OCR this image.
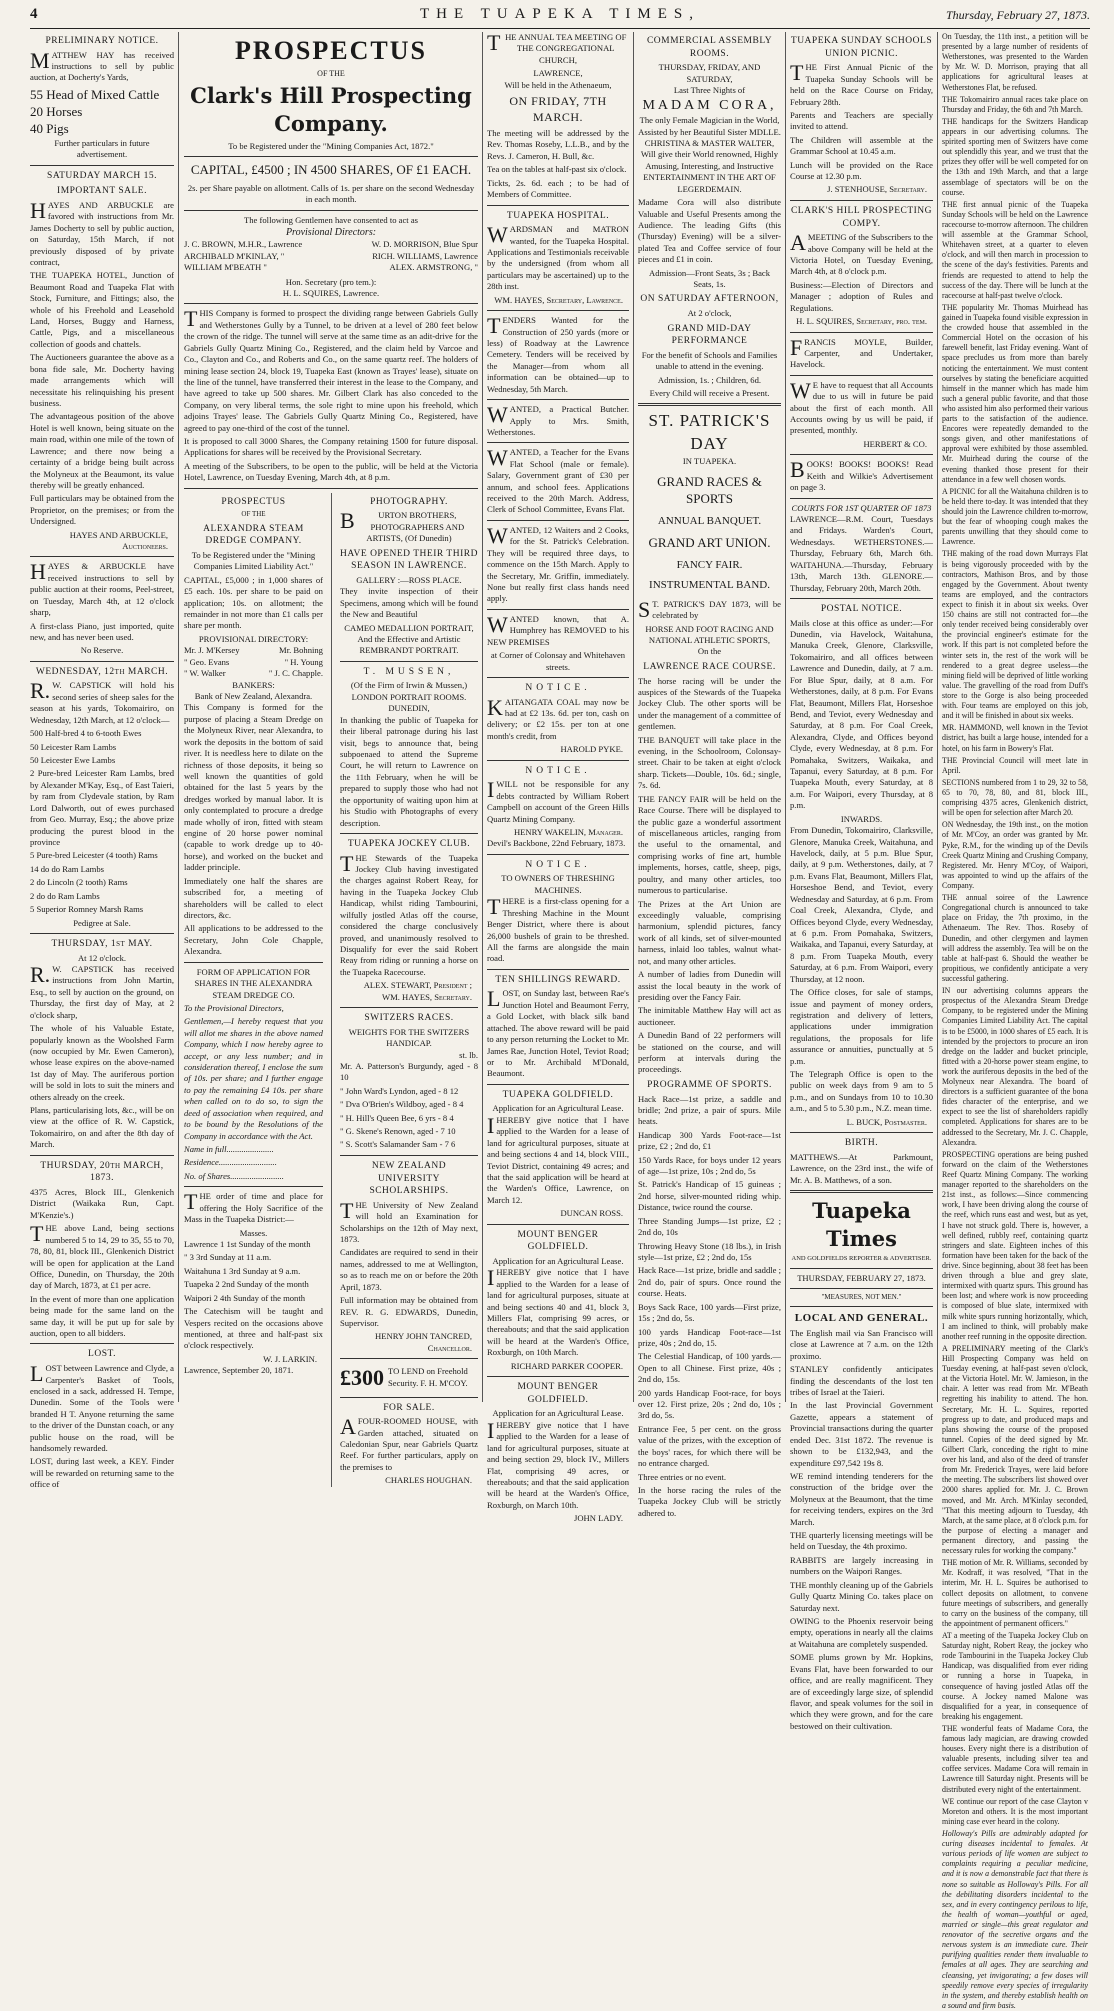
4	THE TUAPEKA TIMES,	Thursday, February 27, 1873.
PRELIMINARY NOTICE.

MATTHEW HAY has received instructions to sell by public auction, at Docherty's Yards,

55 Head of Mixed Cattle
20 Horses
40 Pigs

Further particulars in future advertisement.

SATURDAY MARCH 15.
IMPORTANT SALE.

HAYES AND ARBUCKLE are favored with instructions from Mr. James Docherty to sell by public auction, on Saturday, 15th March, if not previously disposed of by private contract,

THE TUAPEKA HOTEL, Junction of Beaumont Road and Tuapeka Flat with Stock, Furniture, and Fittings; also, the whole of his Freehold and Leasehold Land, Horses, Buggy and Harness, Cattle, Pigs, and a miscellaneous collection of goods and chattels.

The Auctioneers guarantee the above as a bona fide sale, Mr. Docherty having made arrangements which will necessitate his relinquishing his present business.

The advantageous position of the above Hotel is well known, being situate on the main road, within one mile of the town of Lawrence; and there now being a certainty of a bridge being built across the Molyneux at the Beaumont, its value thereby will be greatly enhanced.

Full particulars may be obtained from the Proprietor, on the premises; or from the Undersigned.

HAYES AND ARBUCKLE, Auctioneers.

HAYES & ARBUCKLE have received instructions to sell by public auction at their rooms, Peel-street, on Tuesday, March 4th, at 12 o'clock sharp,

A first-class Piano, just imported, quite new, and has never been used.

No Reserve.

WEDNESDAY, 12th MARCH.

R.W. CAPSTICK will hold his second series of sheep sales for the season at his yards, Tokomairiro, on Wednesday, 12th March, at 12 o'clock—

500 Half-bred 4 to 6-tooth Ewes

50 Leicester Ram Lambs

50 Leicester Ewe Lambs

2 Pure-bred Leicester Ram Lambs, bred by Alexander M'Kay, Esq., of East Taieri, by ram from Clydevale station, by Ram Lord Dalworth, out of ewes purchased from Geo. Murray, Esq.; the above prize producing the purest blood in the province

5 Pure-bred Leicester (4 tooth) Rams

14 do do Ram Lambs

2 do Lincoln (2 tooth) Rams

2 do do Ram Lambs

5 Superior Romney Marsh Rams

Pedigree at Sale.

THURSDAY, 1st MAY.
At 12 o'clock.

R.W. CAPSTICK has received instructions from John Martin, Esq., to sell by auction on the ground, on Thursday, the first day of May, at 2 o'clock sharp,

The whole of his Valuable Estate, popularly known as the Woolshed Farm (now occupied by Mr. Ewen Cameron), whose lease expires on the above-named 1st day of May. The auriferous portion will be sold in lots to suit the miners and others already on the creek.

Plans, particularising lots, &c., will be on view at the office of R. W. Capstick, Tokomairiro, on and after the 8th day of March.

THURSDAY, 20th MARCH, 1873.

4375 Acres, Block III., Glenkenich District (Waikaka Run, Capt. M'Kenzie's.)

THE above Land, being sections numbered 5 to 14, 29 to 35, 55 to 70, 78, 80, 81, block III., Glenkenich District will be open for application at the Land Office, Dunedin, on Thursday, the 20th day of March, 1873, at £1 per acre.

In the event of more than one application being made for the same land on the same day, it will be put up for sale by auction, open to all bidders.

LOST.

LOST between Lawrence and Clyde, a Carpenter's Basket of Tools, enclosed in a sack, addressed H. Tempe, Dunedin. Some of the Tools were branded H T. Anyone returning the same to the driver of the Dunstan coach, or any public house on the road, will be handsomely rewarded.

LOST, during last week, a KEY. Finder will be rewarded on returning same to the office of

PROSPECTUS
OF THE
Clark's Hill Prospecting Company.
To be Registered under the "Mining Companies Act, 1872."
CAPITAL, £4500 ; IN 4500 SHARES, OF £1 EACH.
2s. per Share payable on allotment. Calls of 1s. per share on the second Wednesday in each month.
The following Gentlemen have consented to act as
Provisional Directors:
J. C. BROWN, M.H.R., Lawrence	W. D. MORRISON, Blue Spur
ARCHIBALD M'KINLAY, "	RICH. WILLIAMS, Lawrence
WILLIAM M'BEATH "	ALEX. ARMSTRONG, "
Hon. Secretary (pro tem.):
H. L. SQUIRES, Lawrence.

THIS Company is formed to prospect the dividing range between Gabriels Gully and Wetherstones Gully by a Tunnel, to be driven at a level of 280 feet below the crown of the ridge. The tunnel will serve at the same time as an adit-drive for the Gabriels Gully Quartz Mining Co., Registered, and the claim held by Varcoe and Co., Clayton and Co., and Roberts and Co., on the same quartz reef. The holders of mining lease section 24, block 19, Tuapeka East (known as Trayes' lease), situate on the line of the tunnel, have transferred their interest in the lease to the Company, and have agreed to take up 500 shares. Mr. Gilbert Clark has also conceded to the Company, on very liberal terms, the sole right to mine upon his freehold, which adjoins Trayes' lease. The Gabriels Gully Quartz Mining Co., Registered, have agreed to pay one-third of the cost of the tunnel.

It is proposed to call 3000 Shares, the Company retaining 1500 for future disposal. Applications for shares will be received by the Provisional Secretary.

A meeting of the Subscribers, to be open to the public, will be held at the Victoria Hotel, Lawrence, on Tuesday Evening, March 4th, at 8 p.m.

PROSPECTUS
OF THE
ALEXANDRA STEAM DREDGE COMPANY.

To be Registered under the "Mining Companies Limited Liability Act."

CAPITAL, £5,000 ; in 1,000 shares of £5 each. 10s. per share to be paid on application; 10s. on allotment; the remainder in not more than £1 calls per share per month.

PROVISIONAL DIRECTORY:
Mr. J. M'Kersey	Mr. Bohning
" Geo. Evans	" H. Young
" W. Walker	" J. C. Chapple.
BANKERS:
Bank of New Zealand, Alexandra.

This Company is formed for the purpose of placing a Steam Dredge on the Molyneux River, near Alexandra, to work the deposits in the bottom of said river. It is needless here to dilate on the richness of those deposits, it being so well known the quantities of gold obtained for the last 5 years by the dredges worked by manual labor. It is only contemplated to procure a dredge made wholly of iron, fitted with steam engine of 20 horse power nominal (capable to work dredge up to 40-horse), and worked on the bucket and ladder principle.

Immediately one half the shares are subscribed for, a meeting of shareholders will be called to elect directors, &c.

All applications to be addressed to the Secretary, John Cole Chapple, Alexandra.

FORM OF APPLICATION FOR SHARES IN THE ALEXANDRA STEAM DREDGE CO.

To the Provisional Directors,

Gentlemen,—I hereby request that you will allot me shares in the above named Company, which I now hereby agree to accept, or any less number; and in consideration thereof, I enclose the sum of 10s. per share; and I further engage to pay the remaining £4 10s. per share when called on to do so, to sign the deed of association when required, and to be bound by the Resolutions of the Company in accordance with the Act.

Name in full......................

Residence...........................

No. of Shares.........................

THE order of time and place for offering the Holy Sacrifice of the Mass in the Tuapeka District:—

Masses.

Lawrence 1 1st Sunday of the month

" 3 3rd Sunday at 11 a.m.

Waitahuna 1 3rd Sunday at 9 a.m.

Tuapeka 2 2nd Sunday of the month

Waipori 2 4th Sunday of the month

The Catechism will be taught and Vespers recited on the occasions above mentioned, at three and half-past six o'clock respectively.

W. J. LARKIN.

Lawrence, September 20, 1871.

PHOTOGRAPHY.

BURTON BROTHERS, PHOTOGRAPHERS AND ARTISTS, (Of Dunedin)

HAVE OPENED THEIR THIRD SEASON IN LAWRENCE.
GALLERY :—ROSS PLACE.

They invite inspection of their Specimens, among which will be found the New and Beautiful

CAMEO MEDALLION PORTRAIT,
And the Effective and Artistic
REMBRANDT PORTRAIT.
T. MUSSEN,
(Of the Firm of Irwin & Mussen,)
LONDON PORTRAIT ROOMS. DUNEDIN,

In thanking the public of Tuapeka for their liberal patronage during his last visit, begs to announce that, being subpoenaed to attend the Supreme Court, he will return to Lawrence on the 11th February, when he will be prepared to supply those who had not the opportunity of waiting upon him at his Studio with Photographs of every description.

TUAPEKA JOCKEY CLUB.

THE Stewards of the Tuapeka Jockey Club having investigated the charges against Robert Reay, for having in the Tuapeka Jockey Club Handicap, whilst riding Tambourini, wilfully jostled Atlas off the course, considered the charge conclusively proved, and unanimously resolved to Disqualify for ever the said Robert Reay from riding or running a horse on the Tuapeka Racecourse.

ALEX. STEWART, President ;
WM. HAYES, Secretary.
SWITZERS RACES.
WEIGHTS FOR THE SWITZERS HANDICAP.
st. lb.

Mr. A. Patterson's Burgundy, aged - 8 10

" John Ward's Lyndon, aged - 8 12

" Dva O'Brien's Wildboy, aged - 8 4

" H. Hill's Queen Bee, 6 yrs - 8 4

" G. Skene's Renown, aged - 7 10

" S. Scott's Salamander Sam - 7 6

NEW ZEALAND UNIVERSITY SCHOLARSHIPS.

THE University of New Zealand will hold an Examination for Scholarships on the 12th of May next, 1873.

Candidates are required to send in their names, addressed to me at Wellington, so as to reach me on or before the 20th April, 1873.

Full information may be obtained from REV. R. G. EDWARDS, Dunedin, Supervisor.

HENRY JOHN TANCRED, Chancellor.
£300 TO LEND on Freehold Security. F. H. M'COY.
FOR SALE.

AFOUR-ROOMED HOUSE, with Garden attached, situated on Caledonian Spur, near Gabriels Quartz Reef. For further particulars, apply on the premises to

CHARLES HOUGHAN.

THE ANNUAL TEA MEETING OF THE CONGREGATIONAL CHURCH,

LAWRENCE,
Will be held in the Athenaeum,
ON FRIDAY, 7TH MARCH.

The meeting will be addressed by the Rev. Thomas Roseby, L.L.B., and by the Revs. J. Cameron, H. Bull, &c.

Tea on the tables at half-past six o'clock.

Tickts, 2s. 6d. each ; to be had of Members of Committee.

TUAPEKA HOSPITAL.

WARDSMAN and MATRON wanted, for the Tuapeka Hospital. Applications and Testimonials receivable by the undersigned (from whom all particulars may be ascertained) up to the 28th inst.

WM. HAYES, Secretary, Lawrence.

TENDERS Wanted for the Construction of 250 yards (more or less) of Roadway at the Lawrence Cemetery. Tenders will be received by the Manager—from whom all information can be obtained—up to Wednesday, 5th March.

WANTED, a Practical Butcher. Apply to Mrs. Smith, Wetherstones.

WANTED, a Teacher for the Evans Flat School (male or female). Salary, Government grant of £30 per annum, and school fees. Applications received to the 20th March. Address, Clerk of School Committee, Evans Flat.

WANTED, 12 Waiters and 2 Cooks, for the St. Patrick's Celebration. They will be required three days, to commence on the 15th March. Apply to the Secretary, Mr. Griffin, immediately. None but really first class hands need apply.

WANTED known, that A. Humphrey has REMOVED to his NEW PREMISES

at Corner of Colonsay and Whitehaven streets.

NOTICE.

KAITANGATA COAL may now be had at £2 13s. 6d. per ton, cash on delivery; or £2 15s. per ton at one month's credit, from

HAROLD PYKE.
NOTICE.

IWILL not be responsible for any debts contracted by William Robert Campbell on account of the Green Hills Quartz Mining Company.

HENRY WAKELIN, Manager.

Devil's Backbone, 22nd February, 1873.

NOTICE.
TO OWNERS OF THRESHING MACHINES.

THERE is a first-class opening for a Threshing Machine in the Mount Benger District, where there is about 26,000 bushels of grain to be threshed. All the farms are alongside the main road.

TEN SHILLINGS REWARD.

LOST, on Sunday last, between Rae's Junction Hotel and Beaumont Ferry, a Gold Locket, with black silk band attached. The above reward will be paid to any person returning the Locket to Mr. James Rae, Junction Hotel, Teviot Road; or to Mr. Archibald M'Donald, Beaumont.

TUAPEKA GOLDFIELD.
Application for an Agricultural Lease.

IHEREBY give notice that I have applied to the Warden for a lease of land for agricultural purposes, situate at and being sections 4 and 14, block VIII., Teviot District, containing 49 acres; and that the said application will be heard at the Warden's Office, Lawrence, on March 12.

DUNCAN ROSS.
MOUNT BENGER GOLDFIELD.
Application for an Agricultural Lease.

IHEREBY give notice that I have applied to the Warden for a lease of land for agricultural purposes, situate at and being sections 40 and 41, block 3, Millers Flat, comprising 99 acres, or thereabouts; and that the said application will be heard at the Warden's Office, Roxburgh, on 10th March.

RICHARD PARKER COOPER.
MOUNT BENGER GOLDFIELD.
Application for an Agricultural Lease.

IHEREBY give notice that I have applied to the Warden for a lease of land for agricultural purposes, situate at and being section 29, block IV., Millers Flat, comprising 49 acres, or thereabouts; and that the said application will be heard at the Warden's Office, Roxburgh, on March 10th.

JOHN LADY.
COMMERCIAL ASSEMBLY ROOMS.
THURSDAY, FRIDAY, AND SATURDAY,
Last Three Nights of
MADAM CORA,

The only Female Magician in the World, Assisted by her Beautiful Sister MDLLE. CHRISTINA & MASTER WALTER, Will give their World renowned, Highly Amusing, Interesting, and Instructive ENTERTAINMENT IN THE ART OF LEGERDEMAIN.

Madame Cora will also distribute Valuable and Useful Presents among the Audience. The leading Gifts (this (Thursday) Evening) will be a silver-plated Tea and Coffee service of four pieces and £1 in coin.

Admission—Front Seats, 3s ; Back Seats, 1s.

ON SATURDAY AFTERNOON,
At 2 o'clock,
GRAND MID-DAY PERFORMANCE

For the benefit of Schools and Families unable to attend in the evening.

Admission, 1s. ; Children, 6d.

Every Child will receive a Present.

ST. PATRICK'S DAY
IN TUAPEKA.
GRAND RACES & SPORTS
ANNUAL BANQUET.
GRAND ART UNION.
FANCY FAIR.
INSTRUMENTAL BAND.

ST. PATRICK'S DAY 1873, will be celebrated by

HORSE AND FOOT RACING AND NATIONAL ATHLETIC SPORTS,
On the
LAWRENCE RACE COURSE.

The horse racing will be under the auspices of the Stewards of the Tuapeka Jockey Club. The other sports will be under the management of a committee of gentlemen.

THE BANQUET will take place in the evening, in the Schoolroom, Colonsay-street. Chair to be taken at eight o'clock sharp. Tickets—Double, 10s. 6d.; single, 7s. 6d.

THE FANCY FAIR will be held on the Race Course. There will be displayed to the public gaze a wonderful assortment of miscellaneous articles, ranging from the useful to the ornamental, and comprising works of fine art, humble implements, horses, cattle, sheep, pigs, poultry, and many other articles, too numerous to particularise.

The Prizes at the Art Union are exceedingly valuable, comprising harmonium, splendid pictures, fancy work of all kinds, set of silver-mounted harness, inlaid loo tables, walnut what-not, and many other articles.

A number of ladies from Dunedin will assist the local beauty in the work of presiding over the Fancy Fair.

The inimitable Matthew Hay will act as auctioneer.

A Dunedin Band of 22 performers will be stationed on the course, and will perform at intervals during the proceedings.

PROGRAMME OF SPORTS.

Hack Race—1st prize, a saddle and bridle; 2nd prize, a pair of spurs. Mile heats.

Handicap 300 Yards Foot-race—1st prize, £2 ; 2nd do, £1

150 Yards Race, for boys under 12 years of age—1st prize, 10s ; 2nd do, 5s

St. Patrick's Handicap of 15 guineas ; 2nd horse, silver-mounted riding whip. Distance, twice round the course.

Three Standing Jumps—1st prize, £2 ; 2nd do, 10s

Throwing Heavy Stone (18 lbs.), in Irish style—1st prize, £2 ; 2nd do, 15s

Hack Race—1st prize, bridle and saddle ; 2nd do, pair of spurs. Once round the course. Heats.

Boys Sack Race, 100 yards—First prize, 15s ; 2nd do, 5s.

100 yards Handicap Foot-race—1st prize, 40s ; 2nd do, 15.

The Celestial Handicap, of 100 yards.—Open to all Chinese. First prize, 40s ; 2nd do, 15s.

200 yards Handicap Foot-race, for boys over 12. First prize, 20s ; 2nd do, 10s ; 3rd do, 5s.

Entrance Fee, 5 per cent. on the gross value of the prizes, with the exception of the boys' races, for which there will be no entrance charged.

Three entries or no event.

In the horse racing the rules of the Tuapeka Jockey Club will be strictly adhered to.

TUAPEKA SUNDAY SCHOOLS UNION PICNIC.

THE First Annual Picnic of the Tuapeka Sunday Schools will be held on the Race Course on Friday, February 28th.

Parents and Teachers are specially invited to attend.

The Children will assemble at the Grammar School at 10.45 a.m.

Lunch will be provided on the Race Course at 12.30 p.m.

J. STENHOUSE, Secretary.
CLARK'S HILL PROSPECTING COMPY.

AMEETING of the Subscribers to the above Company will be held at the Victoria Hotel, on Tuesday Evening, March 4th, at 8 o'clock p.m.

Business:—Election of Directors and Manager ; adoption of Rules and Regulations.

H. L. SQUIRES, Secretary, pro. tem.

FRANCIS MOYLE, Builder, Carpenter, and Undertaker, Havelock.

WE have to request that all Accounts due to us will in future be paid about the first of each month. All Accounts owing by us will be paid, if presented, monthly.

HERBERT & CO.

BOOKS! BOOKS! BOOKS! Read Keith and Wilkie's Advertisement on page 3.

COURTS FOR 1ST QUARTER OF 1873

LAWRENCE—R.M. Court, Tuesdays and Fridays. Warden's Court, Wednesdays. WETHERSTONES.—Thursday, February 6th, March 6th. WAITAHUNA.—Thursday, February 13th, March 13th. GLENORE.—Thursday, February 20th, March 20th.

POSTAL NOTICE.

Mails close at this office as under:—For Dunedin, via Havelock, Waitahuna, Manuka Creek, Glenore, Clarksville, Tokomairiro, and all offices between Lawrence and Dunedin, daily, at 7 a.m. For Blue Spur, daily, at 8 a.m. For Wetherstones, daily, at 8 p.m. For Evans Flat, Beaumont, Millers Flat, Horseshoe Bend, and Teviot, every Wednesday and Saturday, at 8 p.m. For Coal Creek, Alexandra, Clyde, and Offices beyond Clyde, every Wednesday, at 8 p.m. For Pomahaka, Switzers, Waikaka, and Tapanui, every Saturday, at 8 p.m. For Tuapeka Mouth, every Saturday, at 8 a.m. For Waipori, every Thursday, at 8 p.m.

INWARDS.

From Dunedin, Tokomairiro, Clarksville, Glenore, Manuka Creek, Waitahuna, and Havelock, daily, at 5 p.m. Blue Spur, daily, at 9 p.m. Wetherstones, daily, at 7 p.m. Evans Flat, Beaumont, Millers Flat, Horseshoe Bend, and Teviot, every Wednesday and Saturday, at 6 p.m. From Coal Creek, Alexandra, Clyde, and Offices beyond Clyde, every Wednesday, at 6 p.m. From Pomahaka, Switzers, Waikaka, and Tapanui, every Saturday, at 8 p.m. From Tuapeka Mouth, every Saturday, at 6 p.m. From Waipori, every Thursday, at 12 noon.

The Office closes, for sale of stamps, issue and payment of money orders, registration and delivery of letters, applications under immigration regulations, the proposals for life assurance or annuities, punctually at 5 p.m.

The Telegraph Office is open to the public on week days from 9 am to 5 p.m., and on Sundays from 10 to 10.30 a.m., and 5 to 5.30 p.m., N.Z. mean time.

L. BUCK, Postmaster.
BIRTH.

MATTHEWS.—At Parkmount, Lawrence, on the 23rd inst., the wife of Mr. A. B. Matthews, of a son.

Tuapeka Times
AND GOLDFIELDS REPORTER & ADVERTISER.
THURSDAY, FEBRUARY 27, 1873.
"MEASURES, NOT MEN."
LOCAL AND GENERAL.

The English mail via San Francisco will close at Lawrence at 7 a.m. on the 12th proximo.

STANLEY confidently anticipates finding the descendants of the lost ten tribes of Israel at the Taieri.

In the last Provincial Government Gazette, appears a statement of Provincial transactions during the quarter ended Dec. 31st 1872. The revenue is shown to be £132,943, and the expenditure £97,542 19s 8.

WE remind intending tenderers for the construction of the bridge over the Molyneux at the Beaumont, that the time for receiving tenders, expires on the 3rd March.

THE quarterly licensing meetings will be held on Tuesday, the 4th proximo.

RABBITS are largely increasing in numbers on the Waipori Ranges.

THE monthly cleaning up of the Gabriels Gully Quartz Mining Co. takes place on Saturday next.

OWING to the Phoenix reservoir being empty, operations in nearly all the claims at Waitahuna are completely suspended.

SOME plums grown by Mr. Hopkins, Evans Flat, have been forwarded to our office, and are really magnificent. They are of exceedingly large size, of splendid flavor, and speak volumes for the soil in which they were grown, and for the care bestowed on their cultivation.

On Tuesday, the 11th inst., a petition will be presented by a large number of residents of Wetherstones, was presented to the Warden by Mr. W. D. Morrison, praying that all applications for agricultural leases at Wetherstones Flat, be refused.

THE Tokomairiro annual races take place on Thursday and Friday, the 6th and 7th March.

THE handicaps for the Switzers Handicap appears in our advertising columns. The spirited sporting men of Switzers have come out splendidly this year, and we trust that the prizes they offer will be well competed for on the 13th and 19th March, and that a large assemblage of spectators will be on the course.

THE first annual picnic of the Tuapeka Sunday Schools will be held on the Lawrence racecourse to-morrow afternoon. The children will assemble at the Grammar School, Whitehaven street, at a quarter to eleven o'clock, and will then march in procession to the scene of the day's festivities. Parents and friends are requested to attend to help the success of the day. There will be lunch at the racecourse at half-past twelve o'clock.

THE popularity Mr. Thomas Muirhead has gained in Tuapeka found visible expression in the crowded house that assembled in the Commercial Hotel on the occasion of his farewell benefit, last Friday evening. Want of space precludes us from more than barely noticing the entertainment. We must content ourselves by stating the beneficiare acquitted himself in the manner which has made him such a general public favorite, and that those who assisted him also performed their various parts to the satisfaction of the audience. Encores were repeatedly demanded to the songs given, and other manifestations of approval were exhibited by those assembled. Mr. Muirhead during the course of the evening thanked those present for their attendance in a few well chosen words.

A PICNIC for all the Waitahuna children is to be held there to-day. It was intended that they should join the Lawrence children to-morrow, but the fear of whooping cough makes the parents unwilling that they should come to Lawrence.

THE making of the road down Murrays Flat is being vigorously proceeded with by the contractors, Mathison Bros, and by those engaged by the Government. About twenty teams are employed, and the contractors expect to finish it in about six weeks. Over 150 chains are still not contracted for—the only tender received being considerably over the provincial engineer's estimate for the work. If this part is not completed before the winter sets in, the rest of the work will be rendered to a great degree useless—the mining field will be deprived of little working value. The gravelling of the road from Duff's store to the Gorge is also being proceeded with. Four teams are employed on this job, and it will be finished in about six weeks.

MR. HAMMOND, well known in the Teviot district, has built a large house, intended for a hotel, on his farm in Bowery's Flat.

THE Provincial Council will meet late in April.

SECTIONS numbered from 1 to 29, 32 to 58, 65 to 70, 78, 80, and 81, block III., comprising 4375 acres, Glenkenich district, will be open for selection after March 20.

ON Wednesday, the 19th inst., on the motion of Mr. M'Coy, an order was granted by Mr. Pyke, R.M., for the winding up of the Devils Creek Quartz Mining and Crushing Company, Registered. Mr. Henry M'Coy, of Waipori, was appointed to wind up the affairs of the Company.

THE annual soiree of the Lawrence Congregational church is announced to take place on Friday, the 7th proximo, in the Athenaeum. The Rev. Thos. Roseby of Dunedin, and other clergymen and laymen will address the assembly. Tea will be on the table at half-past 6. Should the weather be propitious, we confidently anticipate a very successful gathering.

IN our advertising columns appears the prospectus of the Alexandra Steam Dredge Company, to be registered under the Mining Companies Limited Liability Act. The capital is to be £5000, in 1000 shares of £5 each. It is intended by the projectors to procure an iron dredge on the ladder and bucket principle, fitted with a 20-horse power steam engine, to work the auriferous deposits in the bed of the Molyneux near Alexandra. The board of directors is a sufficient guarantee of the bona fides character of the enterprise, and we expect to see the list of shareholders rapidly completed. Applications for shares are to be addressed to the Secretary, Mr. J. C. Chapple, Alexandra.

PROSPECTING operations are being pushed forward on the claim of the Wetherstones Reef Quartz Mining Company. The working manager reported to the shareholders on the 21st inst., as follows:—Since commencing work, I have been driving along the course of the reef, which runs east and west, but as yet, I have not struck gold. There is, however, a well defined, rubbly reef, containing quartz stringers and slate. Eighteen inches of this formation have been taken for the back of the drive. Since beginning, about 38 feet has been driven through a blue and grey slate, intermixed with quartz spurs. This ground has been lost; and where work is now proceeding is composed of blue slate, intermixed with milk white spurs running horizontally, which, I am inclined to think, will probably make another reef running in the opposite direction.

A PRELIMINARY meeting of the Clark's Hill Prospecting Company was held on Tuesday evening, at half-past seven o'clock, at the Victoria Hotel. Mr. W. Jamieson, in the chair. A letter was read from Mr. M'Beath regretting his inability to attend. The hon. Secretary, Mr. H. L. Squires, reported progress up to date, and produced maps and plans showing the course of the proposed tunnel. Copies of the deed signed by Mr. Gilbert Clark, conceding the right to mine over his land, and also of the deed of transfer from Mr. Frederick Trayes, were laid before the meeting. The subscribers list showed over 2000 shares applied for. Mr. J. C. Brown moved, and Mr. Arch. M'Kinlay seconded, "That this meeting adjourn to Tuesday, 4th March, at the same place, at 8 o'clock p.m. for the purpose of electing a manager and permanent directory, and passing the necessary rules for working the company."

THE motion of Mr. R. Williams, seconded by Mr. Kodraff, it was resolved, "That in the interim, Mr. H. L. Squires be authorised to collect deposits on allotment, to convene future meetings of subscribers, and generally to carry on the business of the company, till the appointment of permanent officers."

AT a meeting of the Tuapeka Jockey Club on Saturday night, Robert Reay, the jockey who rode Tambourini in the Tuapeka Jockey Club Handicap, was disqualified from ever riding or running a horse in Tuapeka, in consequence of having jostled Atlas off the course. A Jockey named Malone was disqualified for a year, in consequence of breaking his engagement.

THE wonderful feats of Madame Cora, the famous lady magician, are drawing crowded houses. Every night there is a distribution of valuable presents, including silver tea and coffee services. Madame Cora will remain in Lawrence till Saturday night. Presents will be distributed every night of the entertainment.

WE continue our report of the case Clayton v Moreton and others. It is the most important mining case ever heard in the colony.

Holloway's Pills are admirably adapted for curing diseases incidental to females. At various periods of life women are subject to complaints requiring a peculiar medicine, and it is now a demonstrable fact that there is none so suitable as Holloway's Pills. For all the debilitating disorders incidental to the sex, and in every contingency perilous to life, the health of woman—youthful or aged, married or single—this great regulator and renovator of the secretive organs and the nervous system is an immediate cure. Their purifying qualities render them invaluable to females at all ages. They are searching and cleansing, yet invigorating; a few doses will speedily remove every species of irregularity in the system, and thereby establish health on a sound and firm basis.
